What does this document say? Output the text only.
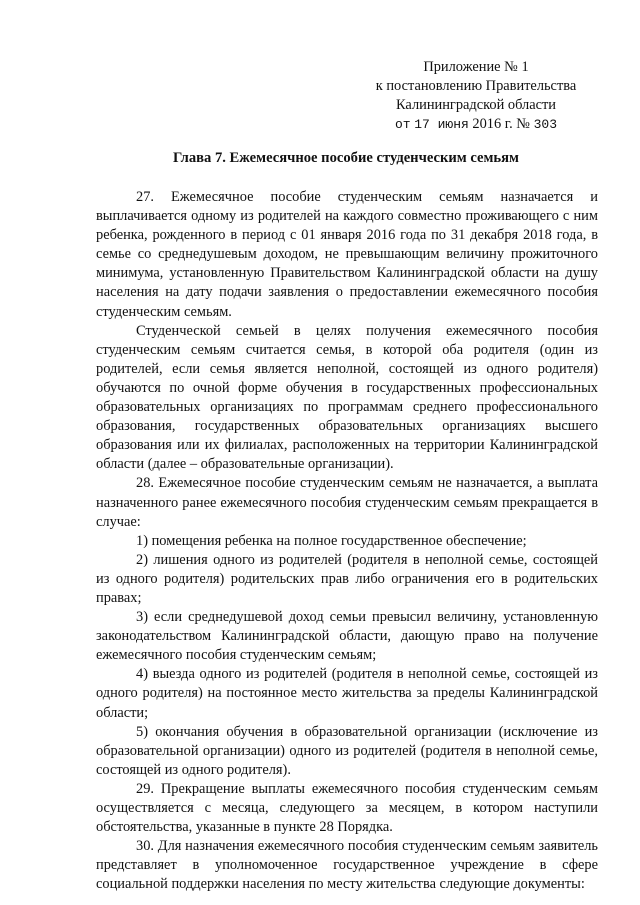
Приложение № 1
к постановлению Правительства
Калининградской области
от 17 июня 2016 г. № 303
Глава 7. Ежемесячное пособие студенческим семьям

27. Ежемесячное пособие студенческим семьям назначается и выплачивается одному из родителей на каждого совместно проживающего с ним ребенка, рожденного в период с 01 января 2016 года по 31 декабря 2018 года, в семье со среднедушевым доходом, не превышающим величину прожиточного минимума, установленную Правительством Калининградской области на душу населения на дату подачи заявления о предоставлении ежемесячного пособия студенческим семьям.

Студенческой семьей в целях получения ежемесячного пособия студенческим семьям считается семья, в которой оба родителя (один из родителей, если семья является неполной, состоящей из одного родителя) обучаются по очной форме обучения в государственных профессиональных образовательных организациях по программам среднего профессионального образования, государственных образовательных организациях высшего образования или их филиалах, расположенных на территории Калининградской области (далее – образовательные организации).

28. Ежемесячное пособие студенческим семьям не назначается, а выплата назначенного ранее ежемесячного пособия студенческим семьям прекращается в случае:

1) помещения ребенка на полное государственное обеспечение;

2) лишения одного из родителей (родителя в неполной семье, состоящей из одного родителя) родительских прав либо ограничения его в родительских правах;

3) если среднедушевой доход семьи превысил величину, установленную законодательством Калининградской области, дающую право на получение ежемесячного пособия студенческим семьям;

4) выезда одного из родителей (родителя в неполной семье, состоящей из одного родителя) на постоянное место жительства за пределы Калининградской области;

5) окончания обучения в образовательной организации (исключение из образовательной организации) одного из родителей (родителя в неполной семье, состоящей из одного родителя).

29. Прекращение выплаты ежемесячного пособия студенческим семьям осуществляется с месяца, следующего за месяцем, в котором наступили обстоятельства, указанные в пункте 28 Порядка.

30. Для назначения ежемесячного пособия студенческим семьям заявитель представляет в уполномоченное государственное учреждение в сфере социальной поддержки населения по месту жительства следующие документы:
